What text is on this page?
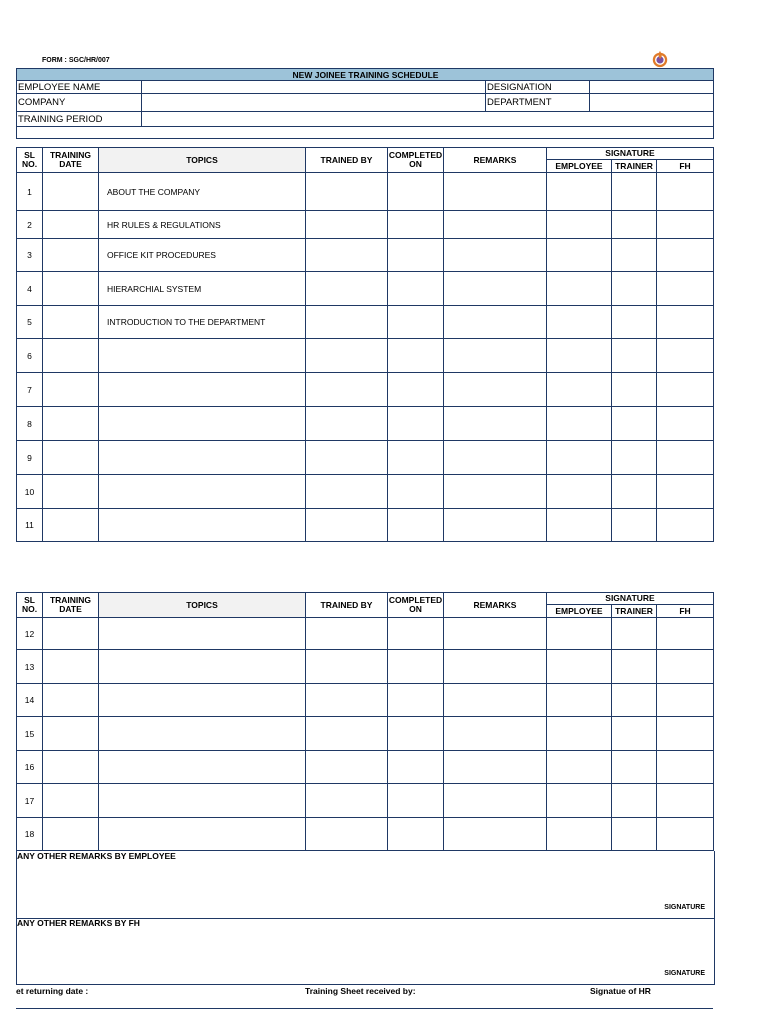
FORM : SGC/HR/007
NEW JOINEE TRAINING SCHEDULE			
EMPLOYEE NAME		DESIGNATION	
COMPANY		DEPARTMENT	
TRAINING PERIOD			

SL NO.	TRAINING DATE	TOPICS	TRAINED BY	COMPLETED ON	REMARKS	SIGNATURE		
						EMPLOYEE	TRAINER	FH
1		ABOUT THE COMPANY						
2		HR RULES & REGULATIONS						
3		OFFICE KIT PROCEDURES						
4		HIERARCHIAL SYSTEM						
5		INTRODUCTION TO THE DEPARTMENT						
6								
7								
8								
9								
10								
11								
SL NO.	TRAINING DATE	TOPICS	TRAINED BY	COMPLETED ON	REMARKS	SIGNATURE		
						EMPLOYEE	TRAINER	FH
12								
13								
14								
15								
16								
17								
18								
ANY OTHER REMARKS BY EMPLOYEE
SIGNATURE
ANY OTHER REMARKS BY FH
SIGNATURE
et returning date :	Training Sheet received by:	Signatue of HR
